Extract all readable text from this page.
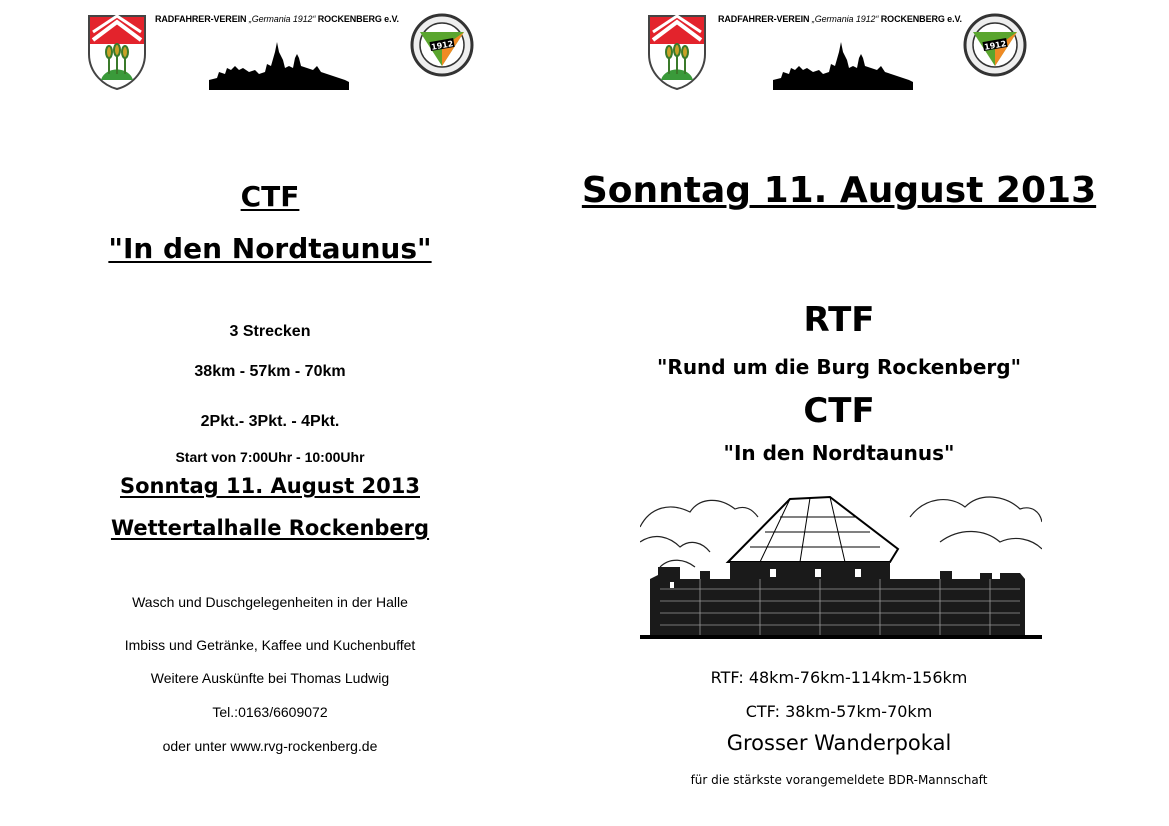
RADFAHRER-VEREIN „Germania 1912“ ROCKENBERG e.V.
1912
RADFAHRER-VEREIN „Germania 1912“ ROCKENBERG e.V.
1912
CTF
"In den Nordtaunus"
3 Strecken
38km - 57km - 70km
2Pkt.- 3Pkt. - 4Pkt.
Start von 7:00Uhr - 10:00Uhr
Sonntag 11. August 2013
Wettertalhalle Rockenberg
Wasch und Duschgelegenheiten in der Halle
Imbiss und Getränke, Kaffee und Kuchenbuffet
Weitere Auskünfte bei Thomas Ludwig
Tel.:0163/6609072
oder unter www.rvg-rockenberg.de
Sonntag 11. August 2013
RTF
"Rund um die Burg Rockenberg"
CTF
"In den Nordtaunus"
RTF: 48km-76km-114km-156km
CTF: 38km-57km-70km
Grosser Wanderpokal
für die stärkste vorangemeldete BDR-Mannschaft
